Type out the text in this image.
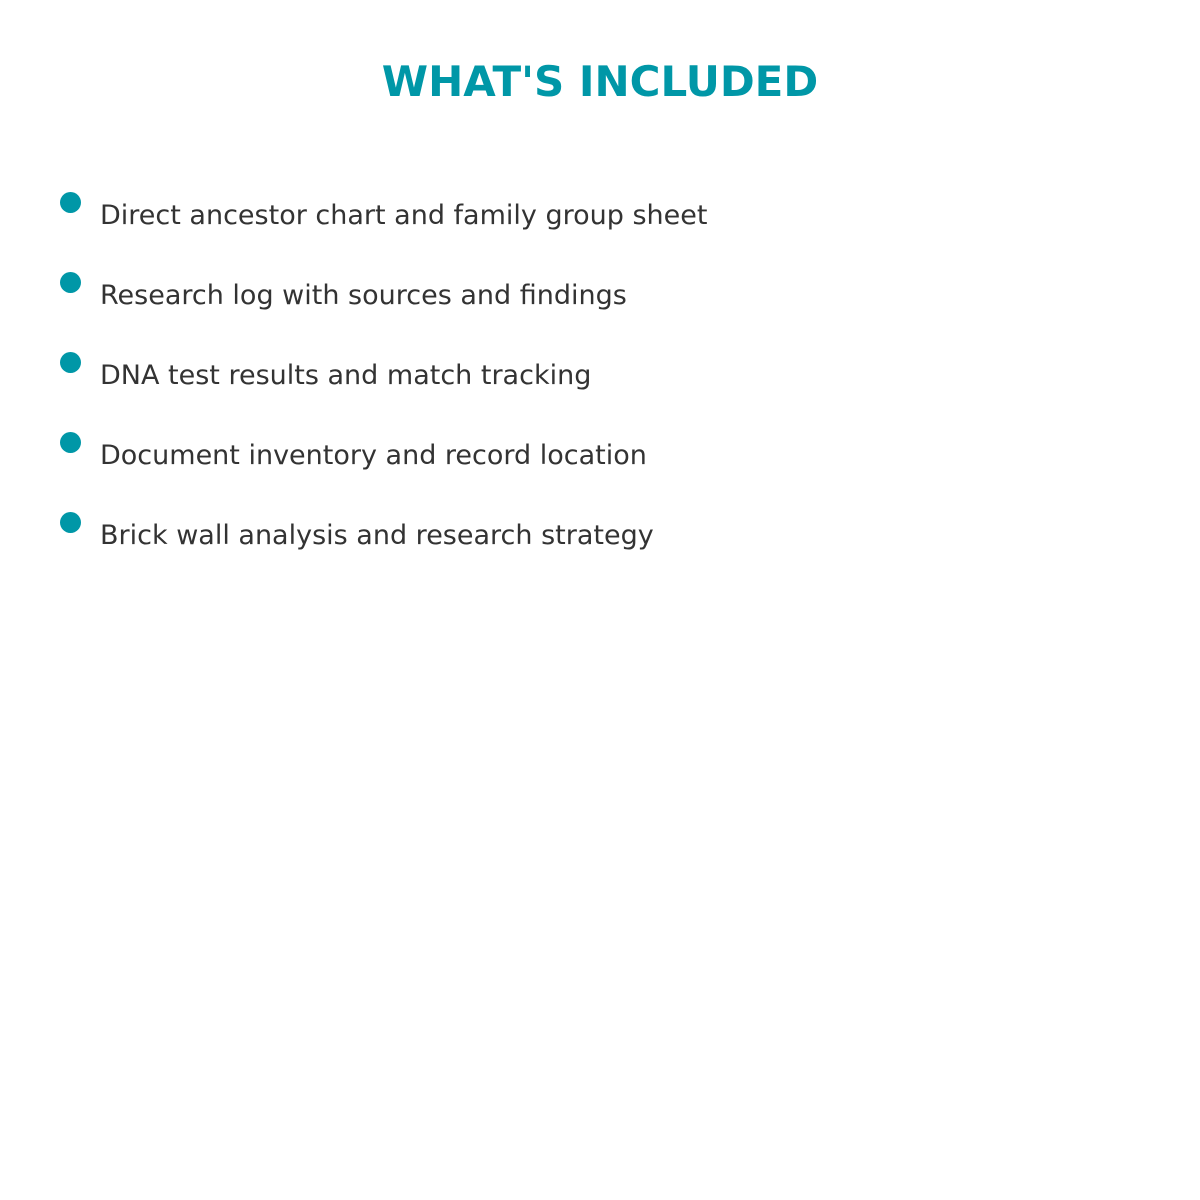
WHAT'S INCLUDED
Direct ancestor chart and family group sheet
Research log with sources and findings
DNA test results and match tracking
Document inventory and record location
Brick wall analysis and research strategy
